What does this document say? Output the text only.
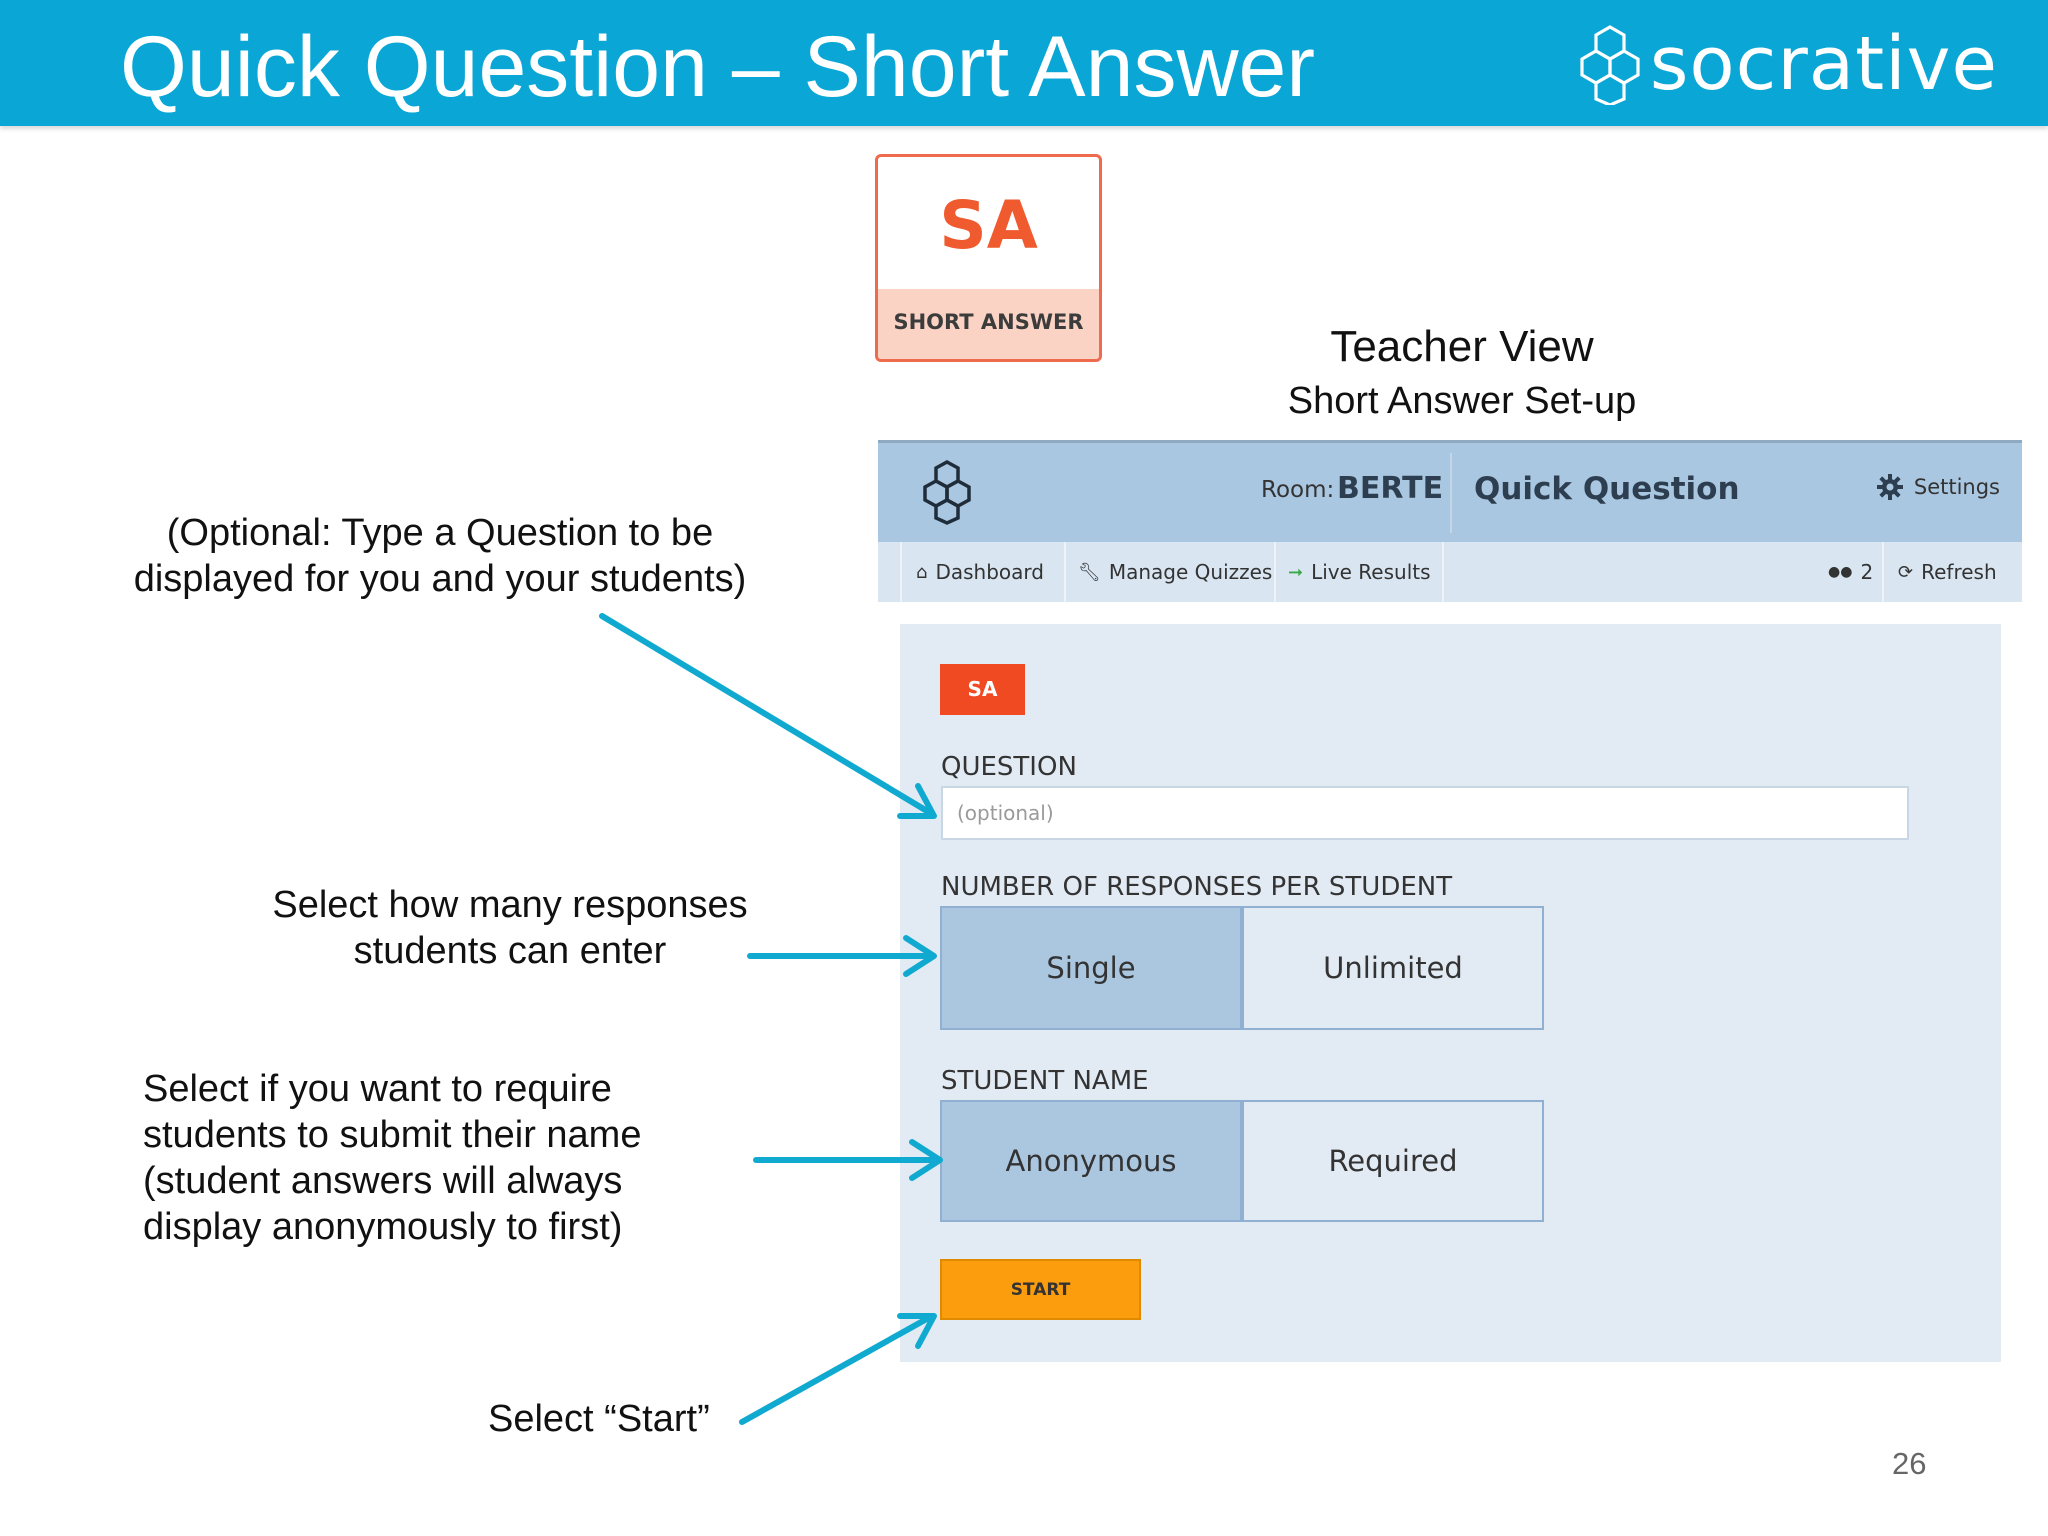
Quick Question – Short Answer	socrative
SA
SHORT ANSWER	Teacher View
Short Answer Set-up
Room: BERTE Quick Question	Settings
⌂ Dashboard 🔧︎ Manage Quizzes ➞ Live Results	●● 2 ⟳ Refresh
SA
QUESTION
(optional)
NUMBER OF RESPONSES PER STUDENT
Single	Unlimited
STUDENT NAME
Anonymous	Required
START
(Optional: Type a Question to be
displayed for you and your students)
Select how many responses
students can enter
Select if you want to require
students to submit their name
(student answers will always
display anonymously to first)
Select “Start”
26
